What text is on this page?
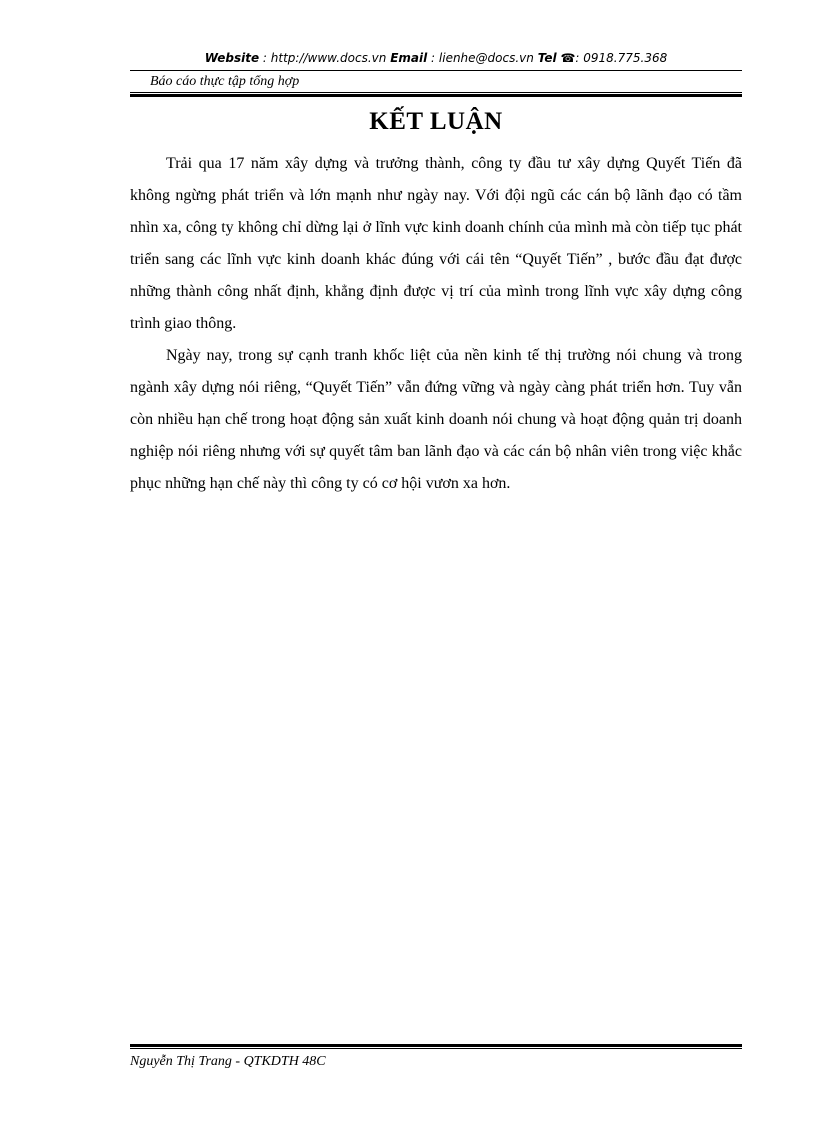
Website : http://www.docs.vn Email : lienhe@docs.vn Tel ☎: 0918.775.368
Báo cáo thực tập tổng hợp
KẾT LUẬN

Trải qua 17 năm xây dựng và trưởng thành, công ty đầu tư xây dựng Quyết Tiến đã không ngừng phát triển và lớn mạnh như ngày nay. Với đội ngũ các cán bộ lãnh đạo có tầm nhìn xa, công ty không chỉ dừng lại ở lĩnh vực kinh doanh chính của mình mà còn tiếp tục phát triển sang các lĩnh vực kinh doanh khác đúng với cái tên “Quyết Tiến” , bước đầu đạt được những thành công nhất định, khẳng định được vị trí của mình trong lĩnh vực xây dựng công trình giao thông.

Ngày nay, trong sự cạnh tranh khốc liệt của nền kinh tế thị trường nói chung và trong ngành xây dựng nói riêng, “Quyết Tiến” vẫn đứng vững và ngày càng phát triển hơn. Tuy vẫn còn nhiều hạn chế trong hoạt động sản xuất kinh doanh nói chung và hoạt động quản trị doanh nghiệp nói riêng nhưng với sự quyết tâm ban lãnh đạo và các cán bộ nhân viên trong việc khắc phục những hạn chế này thì công ty có cơ hội vươn xa hơn.

Nguyễn Thị Trang - QTKDTH 48C
